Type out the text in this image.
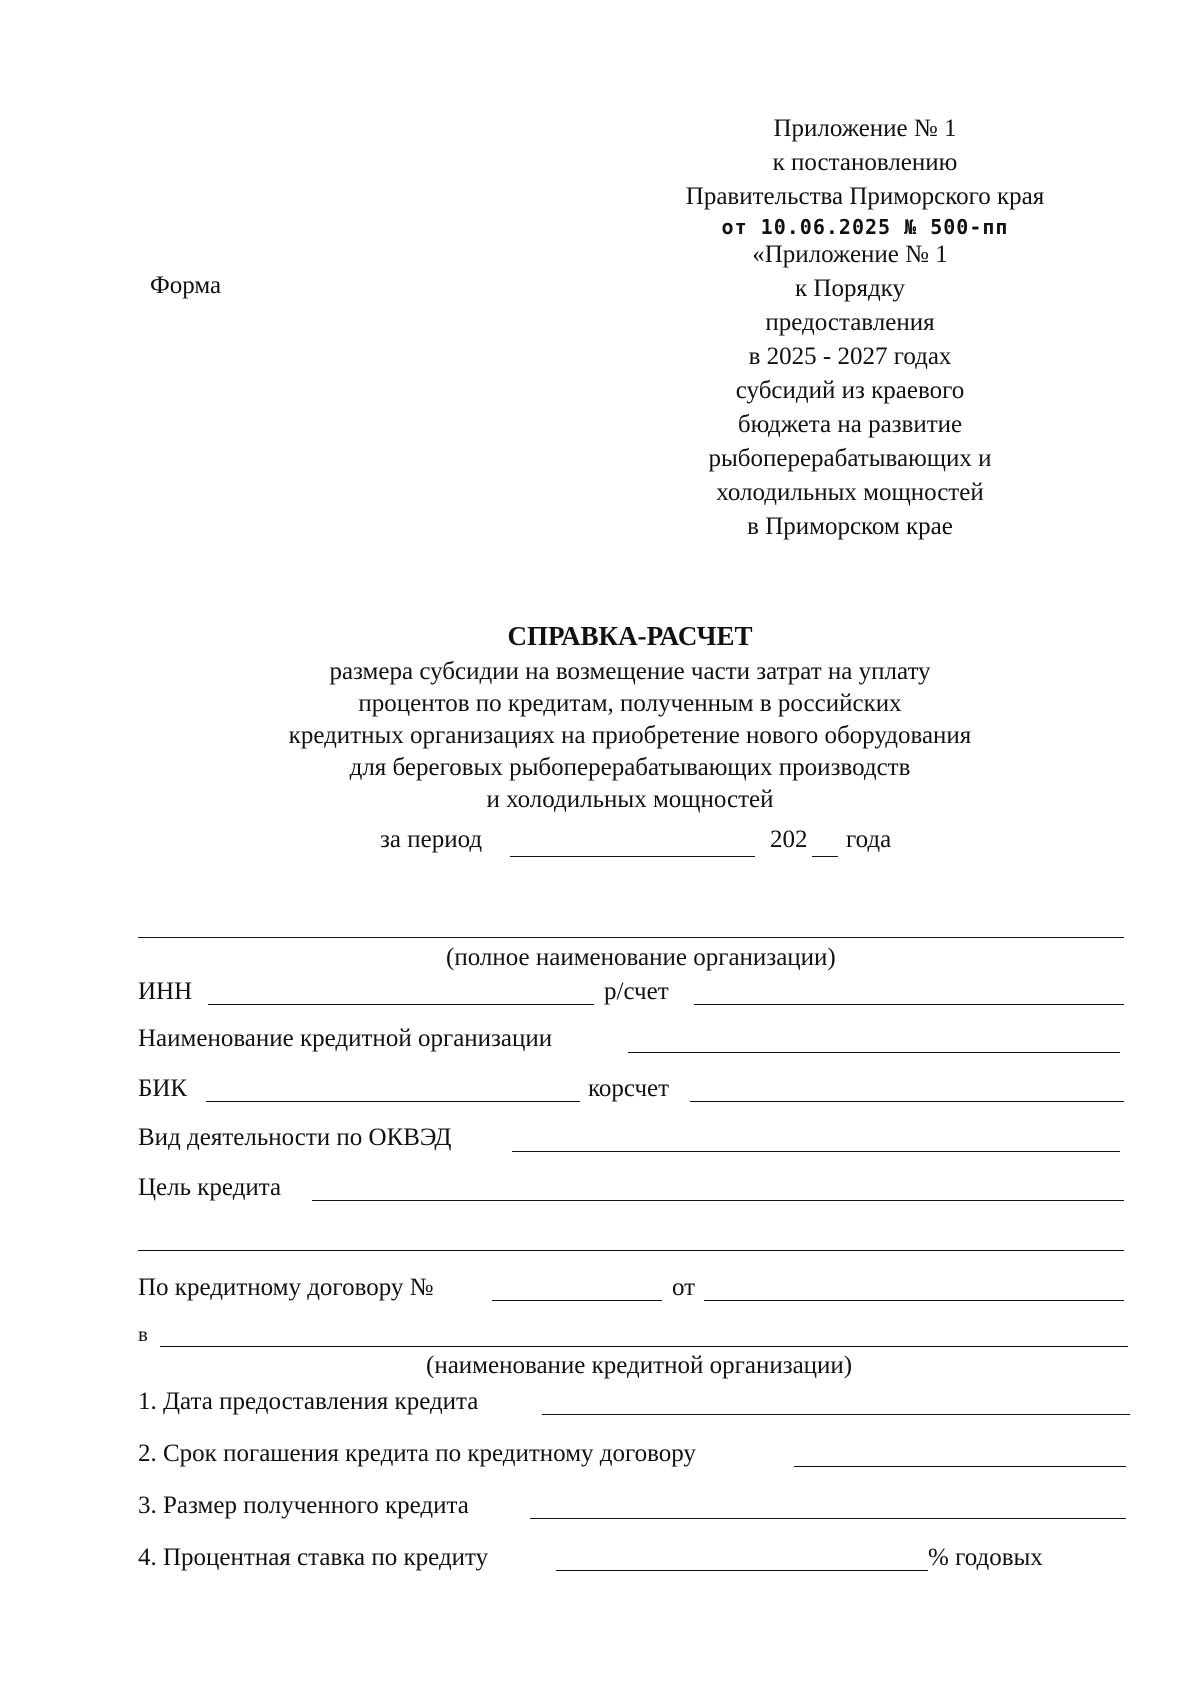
Приложение № 1
к постановлению
Правительства Приморского края
от 10.06.2025 № 500-пп
Форма
«Приложение № 1
к Порядку
предоставления
в 2025 - 2027 годах
субсидий из краевого
бюджета на развитие
рыбоперерабатывающих и
холодильных мощностей
в Приморском крае
СПРАВКА-РАСЧЕТ
размера субсидии на возмещение части затрат на уплату
процентов по кредитам, полученным в российских
кредитных организациях на приобретение нового оборудования
для береговых рыбоперерабатывающих производств
и холодильных мощностей
за период	202 года
(полное наименование организации)
ИНН	р/счет
Наименование кредитной организации
БИК	корсчет
Вид деятельности по ОКВЭД
Цель кредита
По кредитному договору №	от
в
(наименование кредитной организации)
1. Дата предоставления кредита
2. Срок погашения кредита по кредитному договору
3. Размер полученного кредита
4. Процентная ставка по кредиту	% годовых
